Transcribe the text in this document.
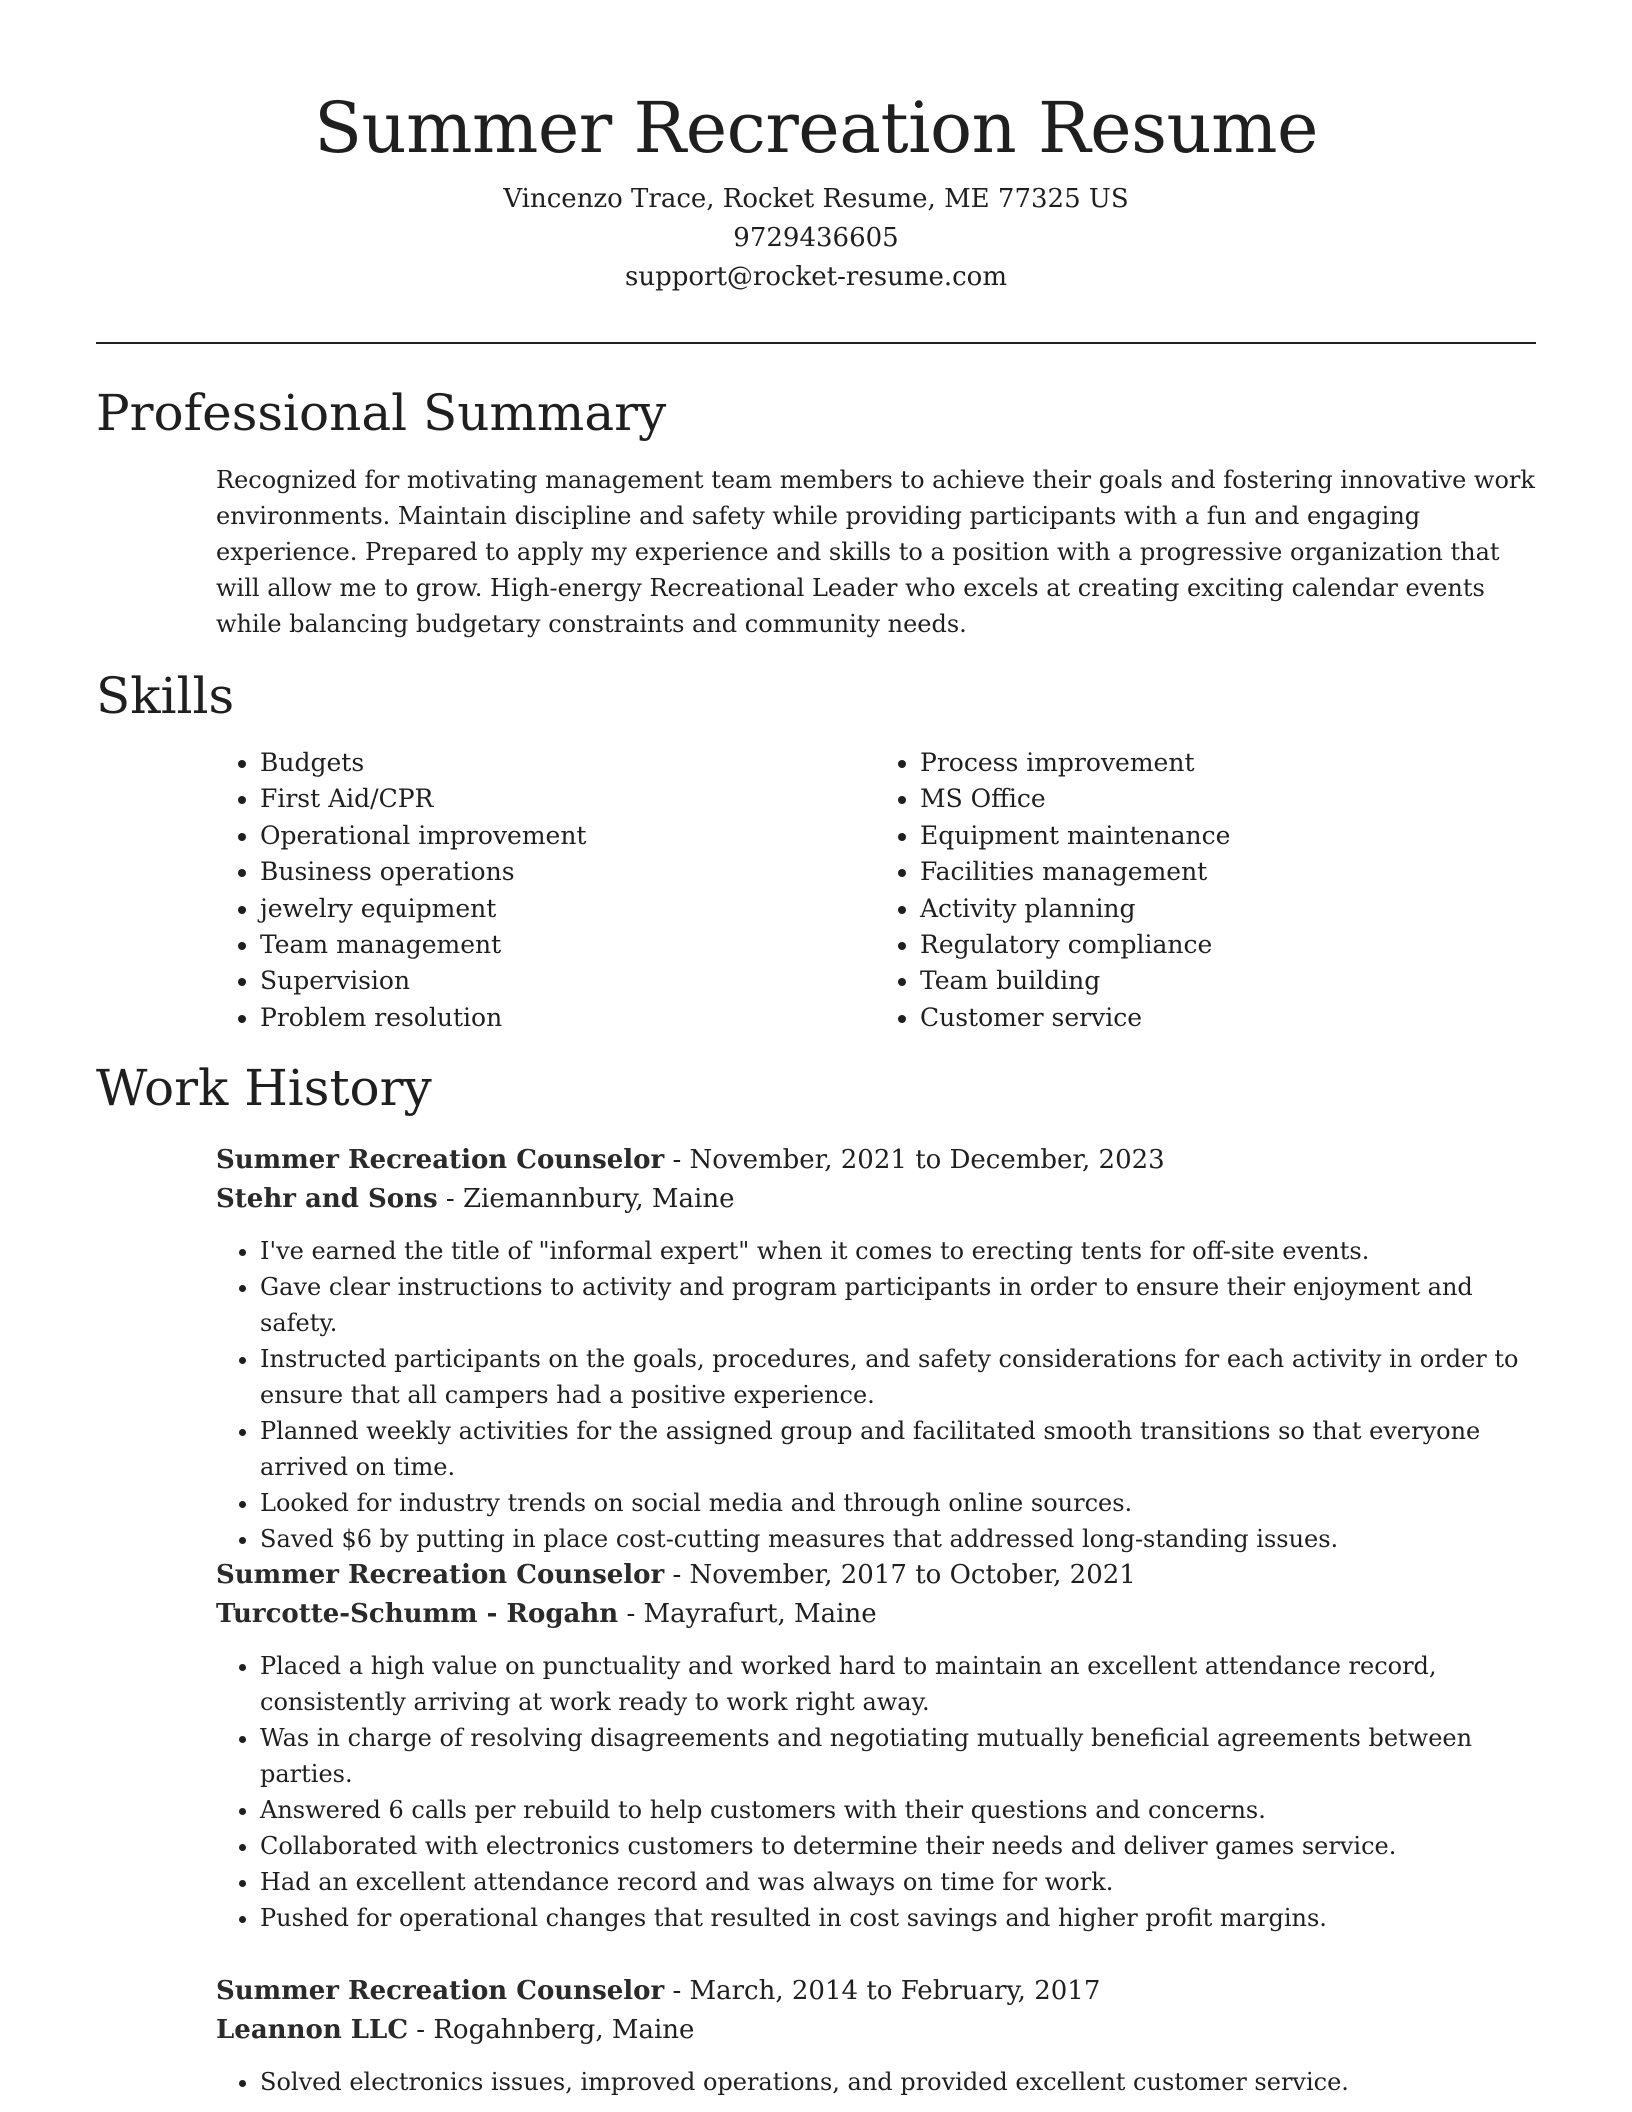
Summer Recreation Resume
Vincenzo Trace, Rocket Resume, ME 77325 US
9729436605
support@rocket-resume.com
Professional Summary

Recognized for motivating management team members to achieve their goals and fostering innovative work environments. Maintain discipline and safety while providing participants with a fun and engaging experience. Prepared to apply my experience and skills to a position with a progressive organization that will allow me to grow. High-energy Recreational Leader who excels at creating exciting calendar events while balancing budgetary constraints and community needs.

Skills
• Budgets
• First Aid/CPR
• Operational improvement
• Business operations
• jewelry equipment
• Team management
• Supervision
• Problem resolution
• Process improvement
• MS Office
• Equipment maintenance
• Facilities management
• Activity planning
• Regulatory compliance
• Team building
• Customer service
Work History
Summer Recreation Counselor - November, 2021 to December, 2023
Stehr and Sons - Ziemannbury, Maine
• I've earned the title of "informal expert" when it comes to erecting tents for off-site events.
• Gave clear instructions to activity and program participants in order to ensure their enjoyment and safety.
• Instructed participants on the goals, procedures, and safety considerations for each activity in order to ensure that all campers had a positive experience.
• Planned weekly activities for the assigned group and facilitated smooth transitions so that everyone arrived on time.
• Looked for industry trends on social media and through online sources.
• Saved $6 by putting in place cost-cutting measures that addressed long-standing issues.
Summer Recreation Counselor - November, 2017 to October, 2021
Turcotte-Schumm - Rogahn - Mayrafurt, Maine
• Placed a high value on punctuality and worked hard to maintain an excellent attendance record, consistently arriving at work ready to work right away.
• Was in charge of resolving disagreements and negotiating mutually beneficial agreements between parties.
• Answered 6 calls per rebuild to help customers with their questions and concerns.
• Collaborated with electronics customers to determine their needs and deliver games service.
• Had an excellent attendance record and was always on time for work.
• Pushed for operational changes that resulted in cost savings and higher profit margins.
Summer Recreation Counselor - March, 2014 to February, 2017
Leannon LLC - Rogahnberg, Maine
• Solved electronics issues, improved operations, and provided excellent customer service.
